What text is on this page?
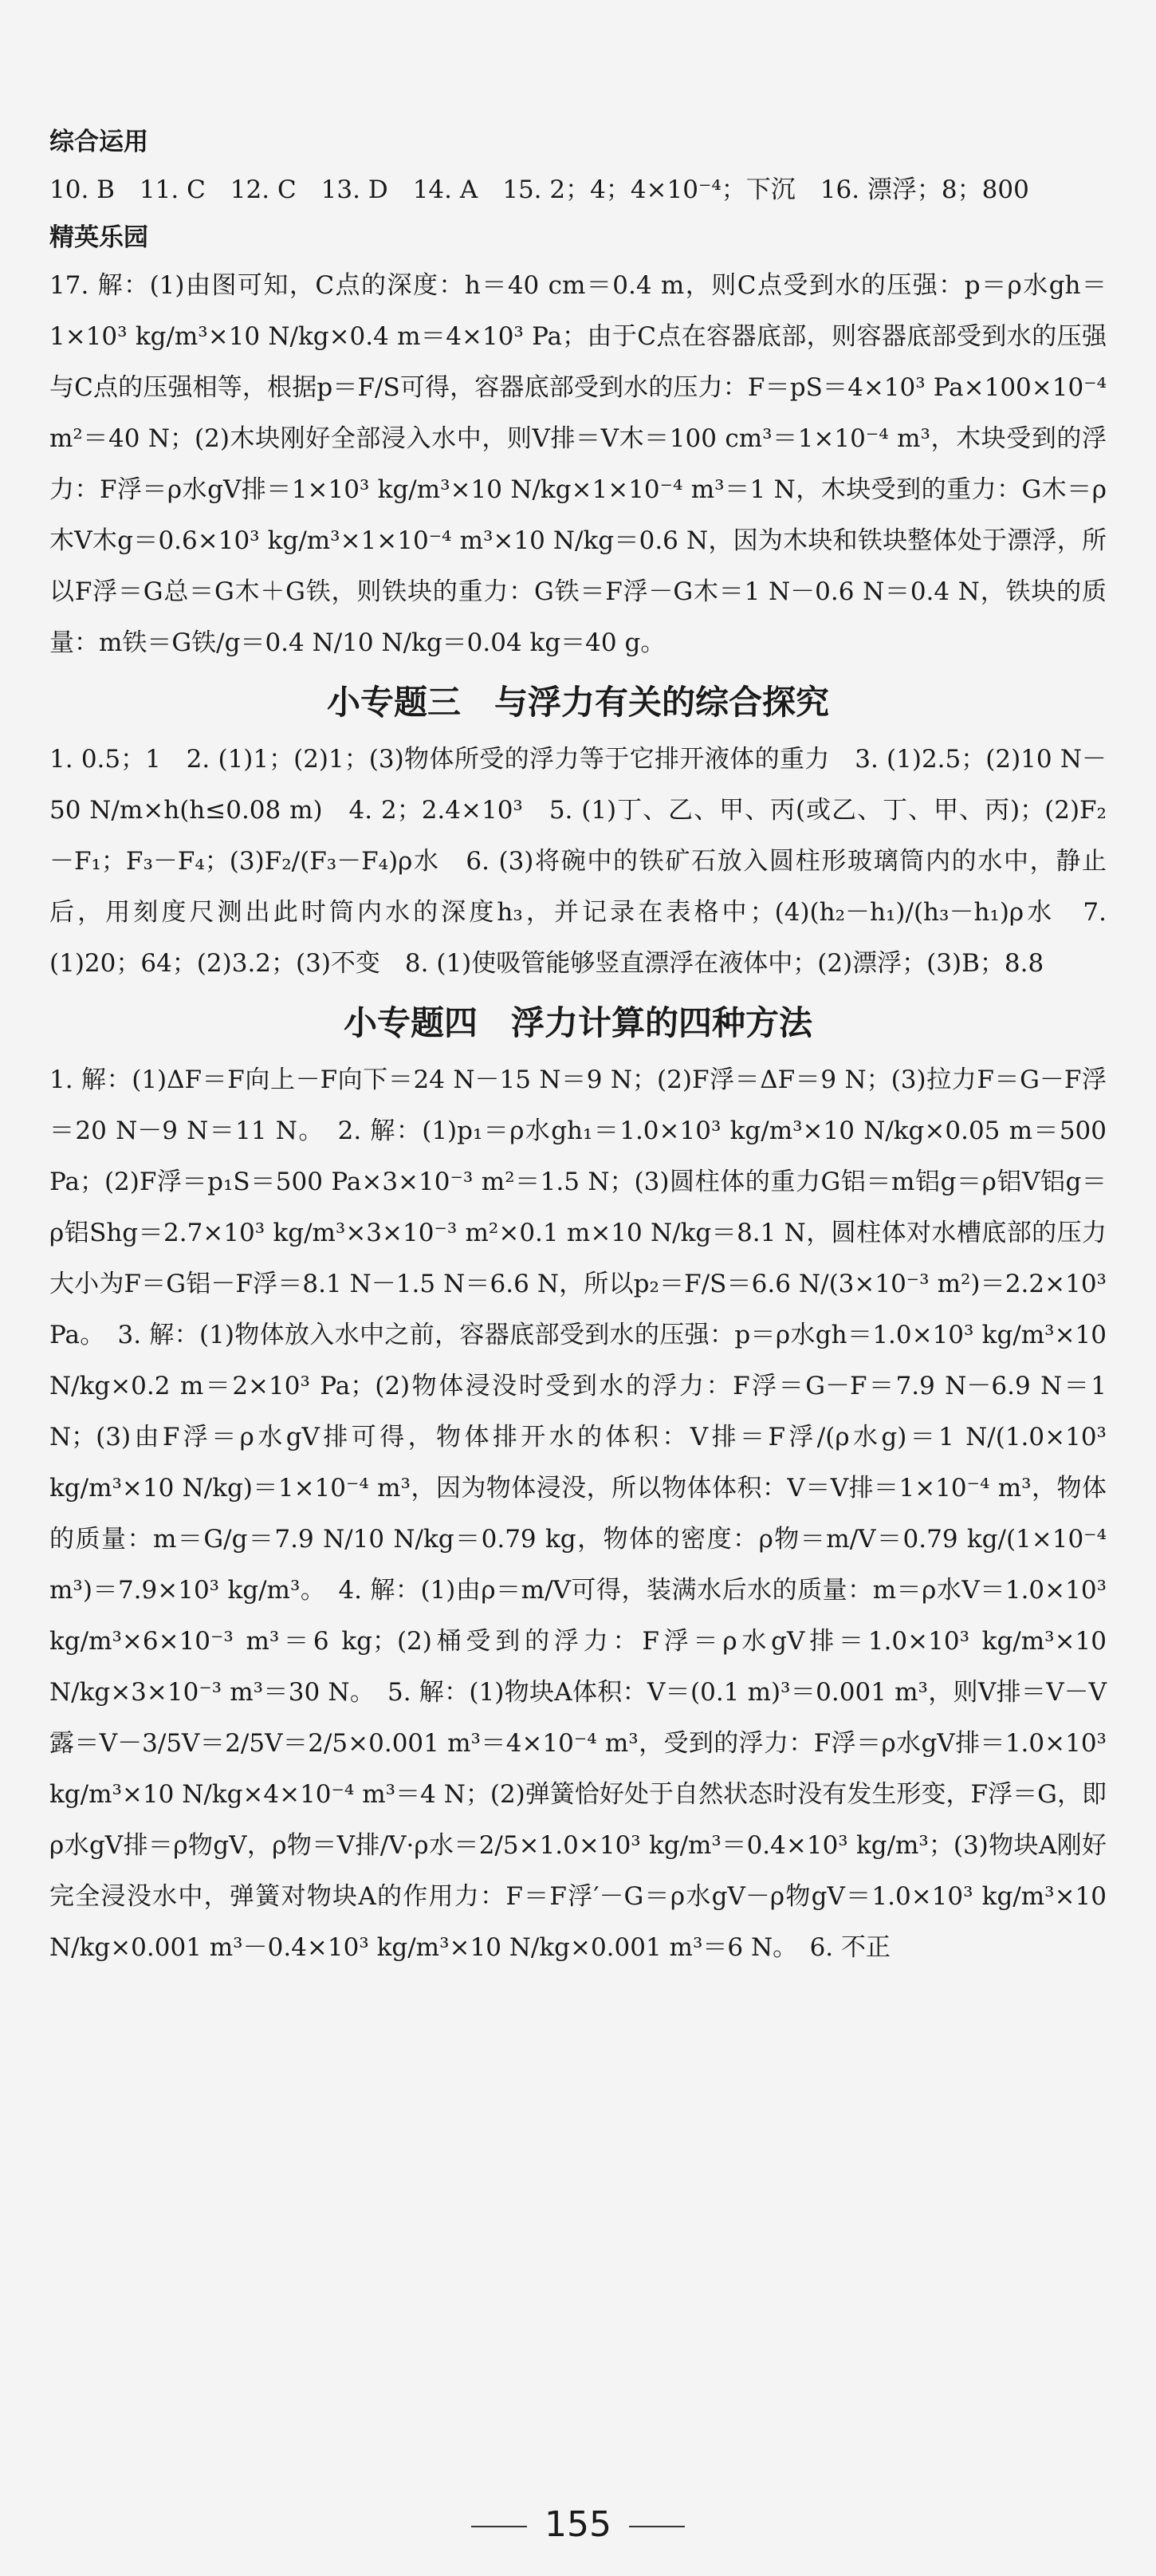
综合运用

10. B　11. C　12. C　13. D　14. A　15. 2；4；4×10⁻⁴；下沉　16. 漂浮；8；800

精英乐园

17. 解：(1)由图可知，C点的深度：h＝40 cm＝0.4 m，则C点受到水的压强：p＝ρ水gh＝1×10³ kg/m³×10 N/kg×0.4 m＝4×10³ Pa；由于C点在容器底部，则容器底部受到水的压强与C点的压强相等，根据p＝F/S可得，容器底部受到水的压力：F＝pS＝4×10³ Pa×100×10⁻⁴ m²＝40 N；(2)木块刚好全部浸入水中，则V排＝V木＝100 cm³＝1×10⁻⁴ m³，木块受到的浮力：F浮＝ρ水gV排＝1×10³ kg/m³×10 N/kg×1×10⁻⁴ m³＝1 N，木块受到的重力：G木＝ρ木V木g＝0.6×10³ kg/m³×1×10⁻⁴ m³×10 N/kg＝0.6 N，因为木块和铁块整体处于漂浮，所以F浮＝G总＝G木＋G铁，则铁块的重力：G铁＝F浮－G木＝1 N－0.6 N＝0.4 N，铁块的质量：m铁＝G铁/g＝0.4 N/10 N/kg＝0.04 kg＝40 g。

小专题三　与浮力有关的综合探究

1. 0.5；1　2. (1)1；(2)1；(3)物体所受的浮力等于它排开液体的重力　3. (1)2.5；(2)10 N－50 N/m×h(h≤0.08 m)　4. 2；2.4×10³　5. (1)丁、乙、甲、丙(或乙、丁、甲、丙)；(2)F₂－F₁；F₃－F₄；(3)F₂/(F₃－F₄)ρ水　6. (3)将碗中的铁矿石放入圆柱形玻璃筒内的水中，静止后，用刻度尺测出此时筒内水的深度h₃，并记录在表格中；(4)(h₂－h₁)/(h₃－h₁)ρ水　7. (1)20；64；(2)3.2；(3)不变　8. (1)使吸管能够竖直漂浮在液体中；(2)漂浮；(3)B；8.8

小专题四　浮力计算的四种方法

1. 解：(1)ΔF＝F向上－F向下＝24 N－15 N＝9 N；(2)F浮＝ΔF＝9 N；(3)拉力F＝G－F浮＝20 N－9 N＝11 N。　2. 解：(1)p₁＝ρ水gh₁＝1.0×10³ kg/m³×10 N/kg×0.05 m＝500 Pa；(2)F浮＝p₁S＝500 Pa×3×10⁻³ m²＝1.5 N；(3)圆柱体的重力G铝＝m铝g＝ρ铝V铝g＝ρ铝Shg＝2.7×10³ kg/m³×3×10⁻³ m²×0.1 m×10 N/kg＝8.1 N，圆柱体对水槽底部的压力大小为F＝G铝－F浮＝8.1 N－1.5 N＝6.6 N，所以p₂＝F/S＝6.6 N/(3×10⁻³ m²)＝2.2×10³ Pa。　3. 解：(1)物体放入水中之前，容器底部受到水的压强：p＝ρ水gh＝1.0×10³ kg/m³×10 N/kg×0.2 m＝2×10³ Pa；(2)物体浸没时受到水的浮力：F浮＝G－F＝7.9 N－6.9 N＝1 N；(3)由F浮＝ρ水gV排可得，物体排开水的体积：V排＝F浮/(ρ水g)＝1 N/(1.0×10³ kg/m³×10 N/kg)＝1×10⁻⁴ m³，因为物体浸没，所以物体体积：V＝V排＝1×10⁻⁴ m³，物体的质量：m＝G/g＝7.9 N/10 N/kg＝0.79 kg，物体的密度：ρ物＝m/V＝0.79 kg/(1×10⁻⁴ m³)＝7.9×10³ kg/m³。　4. 解：(1)由ρ＝m/V可得，装满水后水的质量：m＝ρ水V＝1.0×10³ kg/m³×6×10⁻³ m³＝6 kg；(2)桶受到的浮力：F浮＝ρ水gV排＝1.0×10³ kg/m³×10 N/kg×3×10⁻³ m³＝30 N。　5. 解：(1)物块A体积：V＝(0.1 m)³＝0.001 m³，则V排＝V－V露＝V－3/5V＝2/5V＝2/5×0.001 m³＝4×10⁻⁴ m³，受到的浮力：F浮＝ρ水gV排＝1.0×10³ kg/m³×10 N/kg×4×10⁻⁴ m³＝4 N；(2)弹簧恰好处于自然状态时没有发生形变，F浮＝G，即ρ水gV排＝ρ物gV，ρ物＝V排/V·ρ水＝2/5×1.0×10³ kg/m³＝0.4×10³ kg/m³；(3)物块A刚好完全浸没水中，弹簧对物块A的作用力：F＝F浮′－G＝ρ水gV－ρ物gV＝1.0×10³ kg/m³×10 N/kg×0.001 m³－0.4×10³ kg/m³×10 N/kg×0.001 m³＝6 N。　6. 不正

155
